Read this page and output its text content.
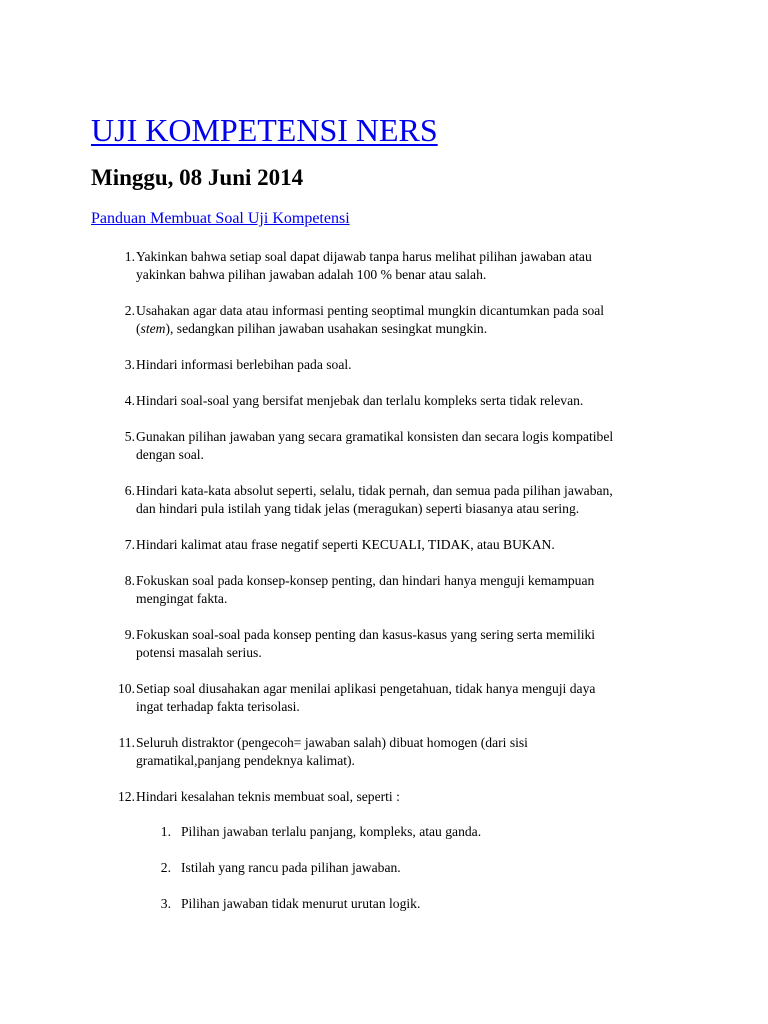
UJI KOMPETENSI NERS
Minggu, 08 Juni 2014
Panduan Membuat Soal Uji Kompetensi
1. Yakinkan bahwa setiap soal dapat dijawab tanpa harus melihat pilihan jawaban atau
yakinkan bahwa pilihan jawaban adalah 100 % benar atau salah.
2. Usahakan agar data atau informasi penting seoptimal mungkin dicantumkan pada soal
(stem), sedangkan pilihan jawaban usahakan sesingkat mungkin.
3. Hindari informasi berlebihan pada soal.
4. Hindari soal-soal yang bersifat menjebak dan terlalu kompleks serta tidak relevan.
5. Gunakan pilihan jawaban yang secara gramatikal konsisten dan secara logis kompatibel
dengan soal.
6. Hindari kata-kata absolut seperti, selalu, tidak pernah, dan semua pada pilihan jawaban,
dan hindari pula istilah yang tidak jelas (meragukan) seperti biasanya atau sering.
7. Hindari kalimat atau frase negatif seperti KECUALI, TIDAK, atau BUKAN.
8. Fokuskan soal pada konsep-konsep penting, dan hindari hanya menguji kemampuan
mengingat fakta.
9. Fokuskan soal-soal pada konsep penting dan kasus-kasus yang sering serta memiliki
potensi masalah serius.
10. Setiap soal diusahakan agar menilai aplikasi pengetahuan, tidak hanya menguji daya
ingat terhadap fakta terisolasi.
11. Seluruh distraktor (pengecoh= jawaban salah) dibuat homogen (dari sisi
gramatikal,panjang pendeknya kalimat).
12. Hindari kesalahan teknis membuat soal, seperti :
1. Pilihan jawaban terlalu panjang, kompleks, atau ganda.
2. Istilah yang rancu pada pilihan jawaban.
3. Pilihan jawaban tidak menurut urutan logik.
